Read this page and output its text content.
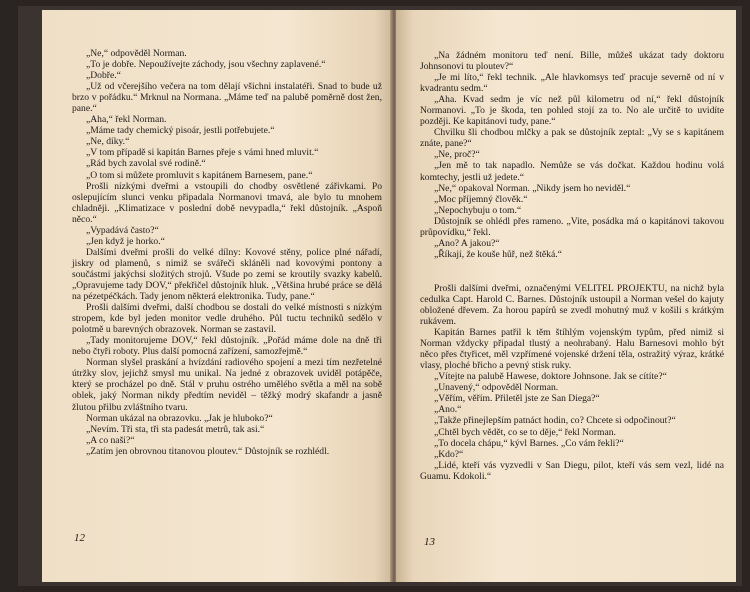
„Ne,“ odpověděl Norman.

„To je dobře. Nepoužívejte záchody, jsou všechny zaplavené.“

„Dobře.“

„Už od včerejšího večera na tom dělají všichni instalatéři. Snad to bude už brzo v pořádku.“ Mrknul na Normana. „Máme teď na palubě poměrně dost žen, pane.“

„Aha,“ řekl Norman.

„Máme tady chemický pisoár, jestli potřebujete.“

„Ne, díky.“

„V tom případě si kapitán Barnes přeje s vámi hned mluvit.“

„Rád bych zavolal své rodině.“

„O tom si můžete promluvit s kapitánem Barnesem, pane.“

Prošli nízkými dveřmi a vstoupili do chodby osvětlené zářivkami. Po oslepujícím slunci venku připadala Normanovi tmavá, ale bylo tu mnohem chladněji. „Klimatizace v poslední době nevypadla,“ řekl důstojník. „Aspoň něco.“

„Vypadává často?“

„Jen když je horko.“

Dalšími dveřmi prošli do velké dílny: Kovové stěny, police plné nářadí, jiskry od plamenů, s nimiž se svářeči skláněli nad kovovými pontony a součástmi jakýchsi složitých strojů. Všude po zemi se kroutily svazky kabelů. „Opravujeme tady DOV,“ překřičel důstojník hluk. „Většina hrubé práce se dělá na pézetpéčkách. Tady jenom některá elektronika. Tudy, pane.“

Prošli dalšími dveřmi, další chodbou se dostali do velké místnosti s nízkým stropem, kde byl jeden monitor vedle druhého. Půl tuctu techniků sedělo v polotmě u barevných obrazovek. Norman se zastavil.

„Tady monitorujeme DOV,“ řekl důstojník. „Pořád máme dole na dně tři nebo čtyři roboty. Plus další pomocná zařízení, samozřejmě.“

Norman slyšel praskání a hvízdání radiového spojení a mezi tím nezřetelné útržky slov, jejichž smysl mu unikal. Na jedné z obrazovek uviděl potápěče, který se procházel po dně. Stál v pruhu ostrého umělého světla a měl na sobě oblek, jaký Norman nikdy předtím neviděl – těžký modrý skafandr a jasně žlutou přilbu zvláštního tvaru.

Norman ukázal na obrazovku. „Jak je hluboko?“

„Nevím. Tři sta, tři sta padesát metrů, tak asi.“

„A co naši?“

„Zatím jen obrovnou titanovou ploutev.“ Důstojník se rozhlédl.

12

„Na žádném monitoru teď není. Bille, můžeš ukázat tady doktoru Johnsonovi tu ploutev?“

„Je mi líto,“ řekl technik. „Ale hlavkomsys teď pracuje severně od ní v kvadrantu sedm.“

„Aha. Kvad sedm je víc než půl kilometru od ní,“ řekl důstojník Normanovi. „To je škoda, ten pohled stojí za to. No ale určitě to uvidíte později. Ke kapitánovi tudy, pane.“

Chvilku šli chodbou mlčky a pak se důstojník zeptal: „Vy se s kapitánem znáte, pane?“

„Ne, proč?“

„Jen mě to tak napadlo. Nemůže se vás dočkat. Každou hodinu volá komtechy, jestli už jedete.“

„Ne,“ opakoval Norman. „Nikdy jsem ho neviděl.“

„Moc příjemný člověk.“

„Nepochybuju o tom.“

Důstojník se ohlédl přes rameno. „Vite, posádka má o kapitánovi takovou průpovídku,“ řekl.

„Ano? A jakou?“

„Říkají, že kouše hůř, než štěká.“

Prošli dalšími dveřmi, označenými VELITEL PROJEKTU, na nichž byla cedulka Capt. Harold C. Barnes. Důstojník ustoupil a Norman vešel do kajuty obložené dřevem. Za horou papírů se zvedl mohutný muž v košili s krátkým rukávem.

Kapitán Barnes patřil k těm štíhlým vojenským typům, před nimiž si Norman vždycky připadal tlustý a neohrabaný. Halu Barnesovi mohlo být něco přes čtyřicet, měl vzpřímené vojenské držení těla, ostražitý výraz, krátké vlasy, ploché břicho a pevný stisk ruky.

„Vítejte na palubě Hawese, doktore Johnsone. Jak se cítíte?“

„Unavený,“ odpověděl Norman.

„Věřím, věřím. Přiletěl jste ze San Diega?“

„Ano.“

„Takže přinejlepším patnáct hodin, co? Chcete si odpočinout?“

„Chtěl bych vědět, co se to děje,“ řekl Norman.

„To docela chápu,“ kývl Barnes. „Co vám řekli?“

„Kdo?“

„Lidé, kteří vás vyzvedli v San Diegu, pilot, kteří vás sem vezl, lidé na Guamu. Kdokoli.“

13
